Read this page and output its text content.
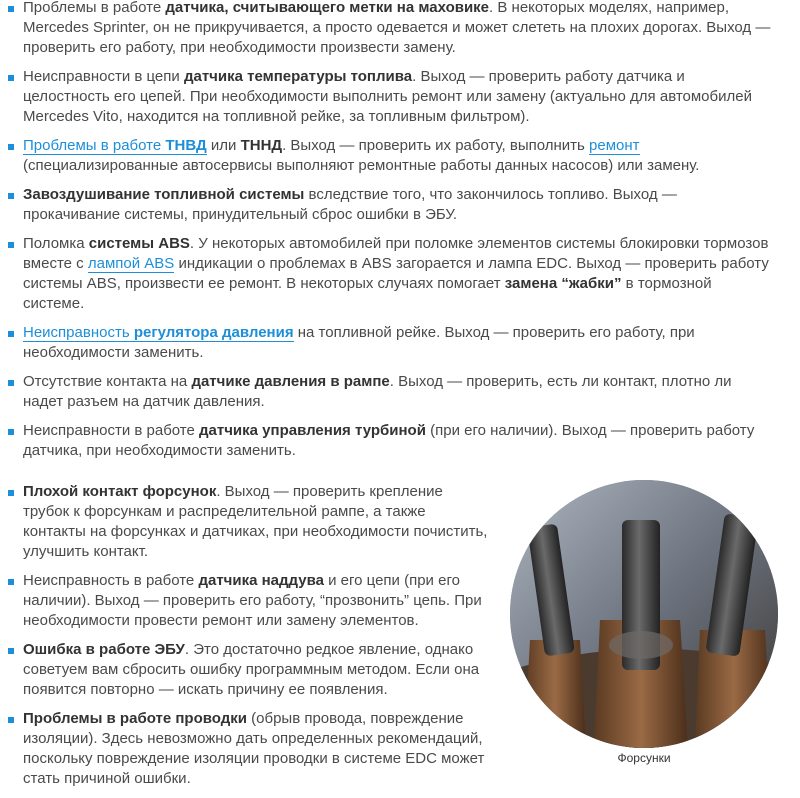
Проблемы в работе датчика, считывающего метки на маховике. В некоторых моделях, например, Mercedes Sprinter, он не прикручивается, а просто одевается и может слететь на плохих дорогах. Выход — проверить его работу, при необходимости произвести замену.
Неисправности в цепи датчика температуры топлива. Выход — проверить работу датчика и целостность его цепей. При необходимости выполнить ремонт или замену (актуально для автомобилей Mercedes Vito, находится на топливной рейке, за топливным фильтром).
Проблемы в работе ТНВД или ТННД. Выход — проверить их работу, выполнить ремонт (специализированные автосервисы выполняют ремонтные работы данных насосов) или замену.
Завоздушивание топливной системы вследствие того, что закончилось топливо. Выход — прокачивание системы, принудительный сброс ошибки в ЭБУ.
Поломка системы ABS. У некоторых автомобилей при поломке элементов системы блокировки тормозов вместе с лампой ABS индикации о проблемах в ABS загорается и лампа EDC. Выход — проверить работу системы ABS, произвести ее ремонт. В некоторых случаях помогает замена “жабки” в тормозной системе.
Неисправность регулятора давления на топливной рейке. Выход — проверить его работу, при необходимости заменить.
Отсутствие контакта на датчике давления в рампе. Выход — проверить, есть ли контакт, плотно ли надет разъем на датчик давления.
Неисправности в работе датчика управления турбиной (при его наличии). Выход — проверить работу датчика, при необходимости заменить.
Плохой контакт форсунок. Выход — проверить крепление трубок к форсункам и распределительной рампе, а также контакты на форсунках и датчиках, при необходимости почистить, улучшить контакт.
Неисправность в работе датчика наддува и его цепи (при его наличии). Выход — проверить его работу, “прозвонить” цепь. При необходимости провести ремонт или замену элементов.
Ошибка в работе ЭБУ. Это достаточно редкое явление, однако советуем вам сбросить ошибку программным методом. Если она появится повторно — искать причину ее появления.
Проблемы в работе проводки (обрыв провода, повреждение изоляции). Здесь невозможно дать определенных рекомендаций, поскольку повреждение изоляции проводки в системе EDC может стать причиной ошибки.
Форсунки
